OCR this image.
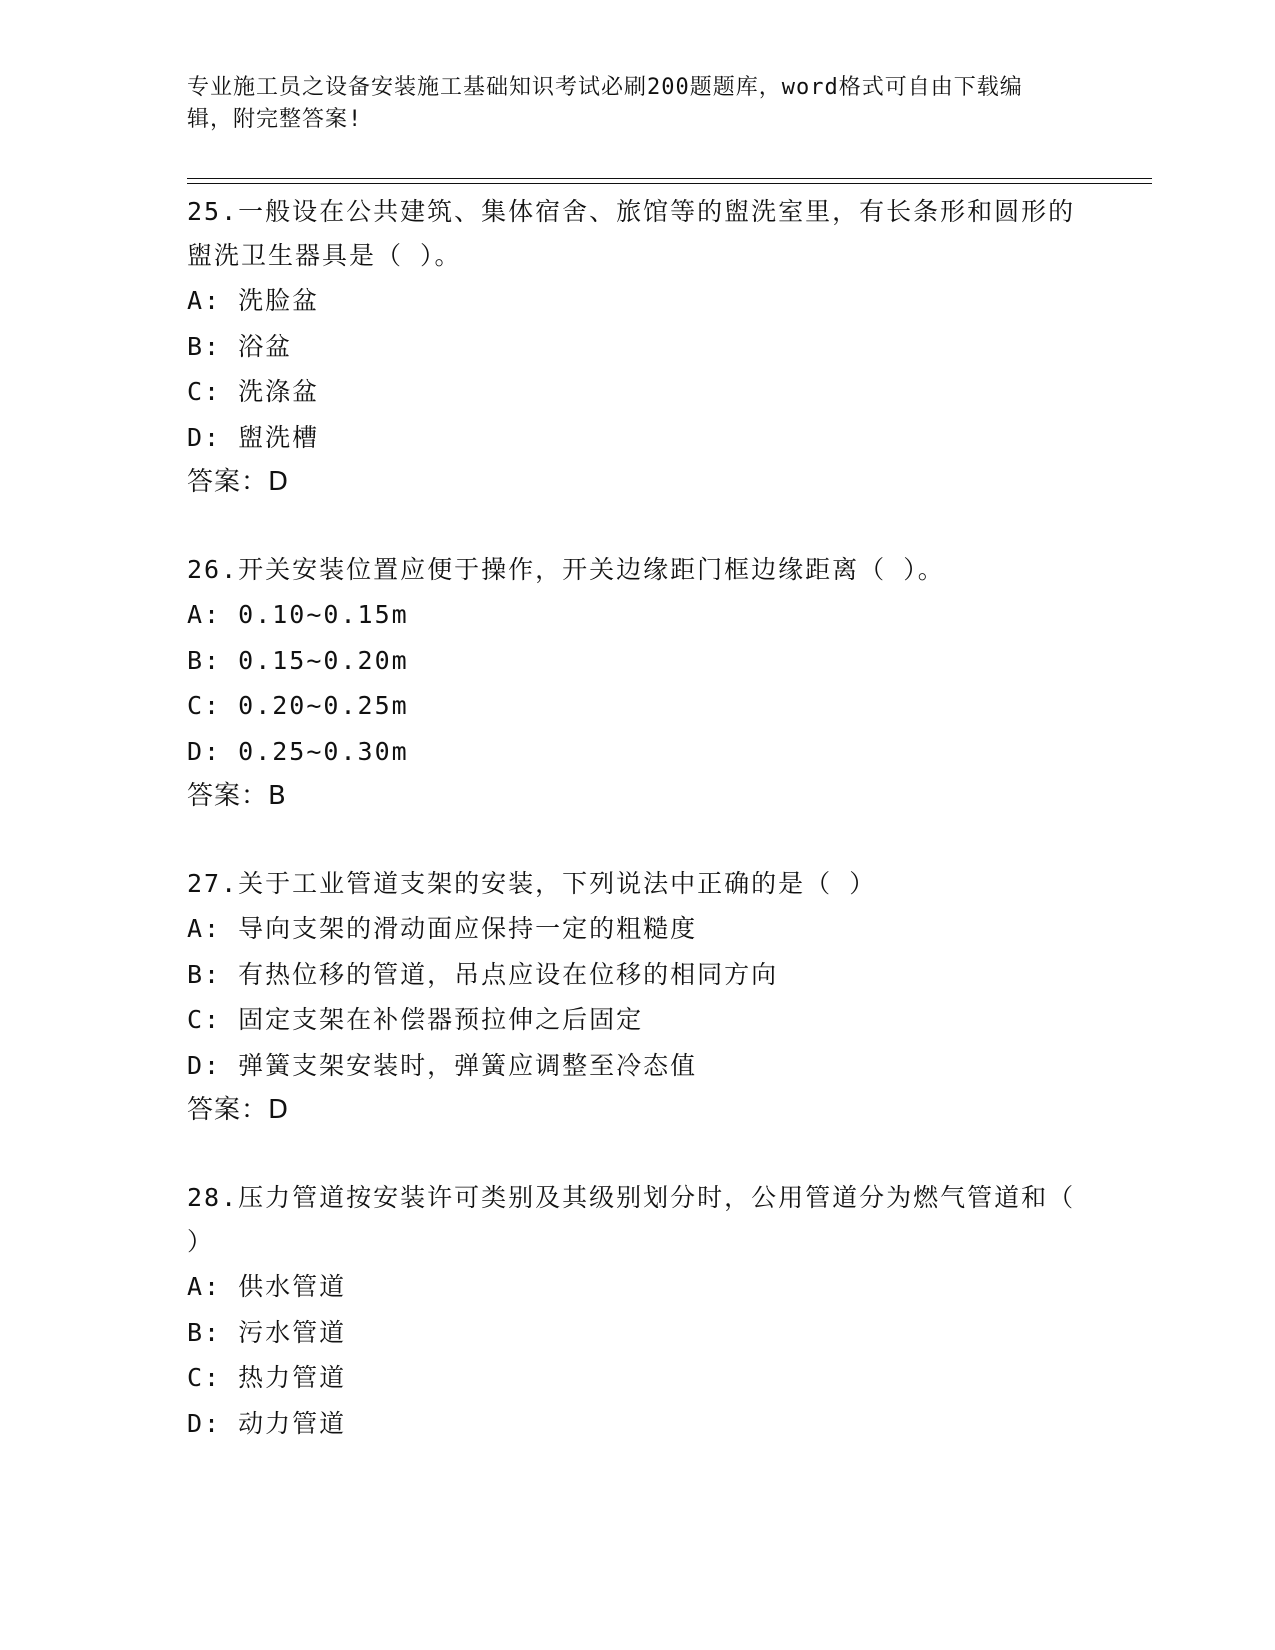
专业施工员之设备安装施工基础知识考试必刷200题题库，word格式可自由下载编辑，附完整答案!
25.一般设在公共建筑、集体宿舍、旅馆等的盥洗室里，有长条形和圆形的盥洗卫生器具是（ ）。
A: 洗脸盆
B: 浴盆
C: 洗涤盆
D: 盥洗槽
答案：D
26.开关安装位置应便于操作，开关边缘距门框边缘距离（ ）。
A: 0.10~0.15m
B: 0.15~0.20m
C: 0.20~0.25m
D: 0.25~0.30m
答案：B
27.关于工业管道支架的安装，下列说法中正确的是（ ）
A: 导向支架的滑动面应保持一定的粗糙度
B: 有热位移的管道，吊点应设在位移的相同方向
C: 固定支架在补偿器预拉伸之后固定
D: 弹簧支架安装时，弹簧应调整至冷态值
答案：D
28.压力管道按安装许可类别及其级别划分时，公用管道分为燃气管道和（ ）
A: 供水管道
B: 污水管道
C: 热力管道
D: 动力管道
